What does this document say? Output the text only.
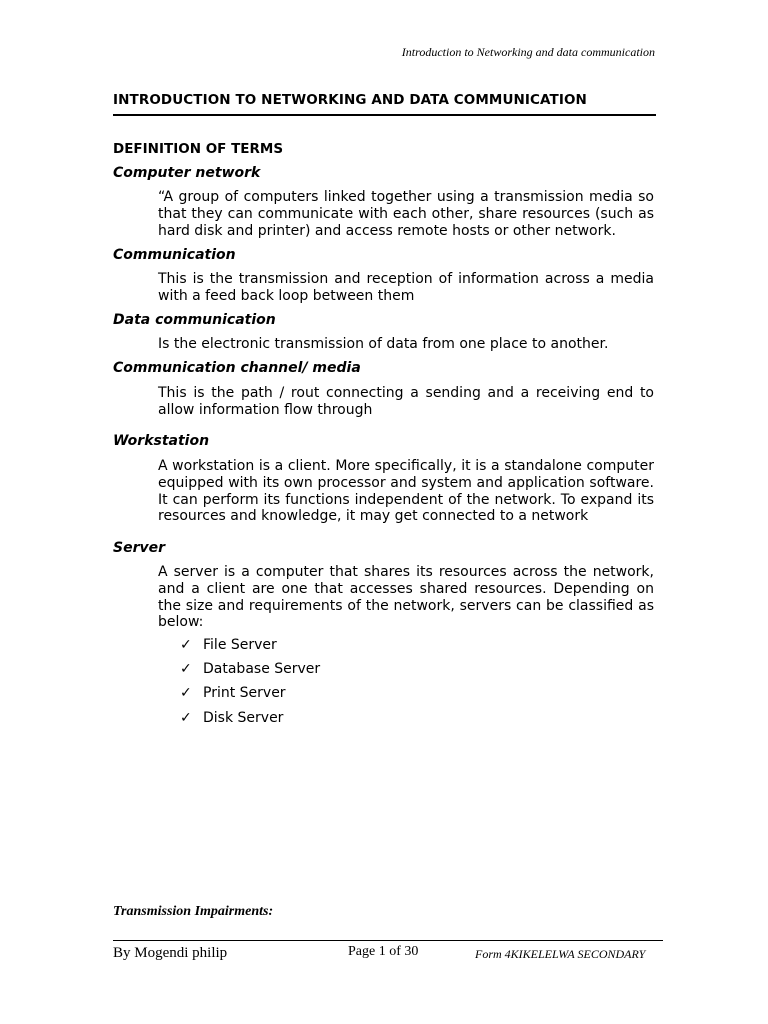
Introduction to Networking and data communication
INTRODUCTION TO NETWORKING AND DATA COMMUNICATION
DEFINITION OF TERMS
Computer network
“A group of computers linked together using a transmission media so that they can communicate with each other, share resources (such as hard disk and printer) and access remote hosts or other network.
Communication
This is the transmission and reception of information across a media with a feed back loop between them
Data communication
Is the electronic transmission of data from one place to another.
Communication channel/ media
This is the path / rout connecting a sending and a receiving end to allow information flow through
Workstation
A workstation is a client. More specifically, it is a standalone computer equipped with its own processor and system and application software. It can perform its functions independent of the network. To expand its resources and knowledge, it may get connected to a network
Server
A server is a computer that shares its resources across the network, and a client are one that accesses shared resources. Depending on the size and requirements of the network, servers can be classified as below:
✓ File Server
✓ Database Server
✓ Print Server
✓ Disk Server
Transmission Impairments:
By Mogendi philip	Page 1 of 30	Form 4KIKELELWA SECONDARY
